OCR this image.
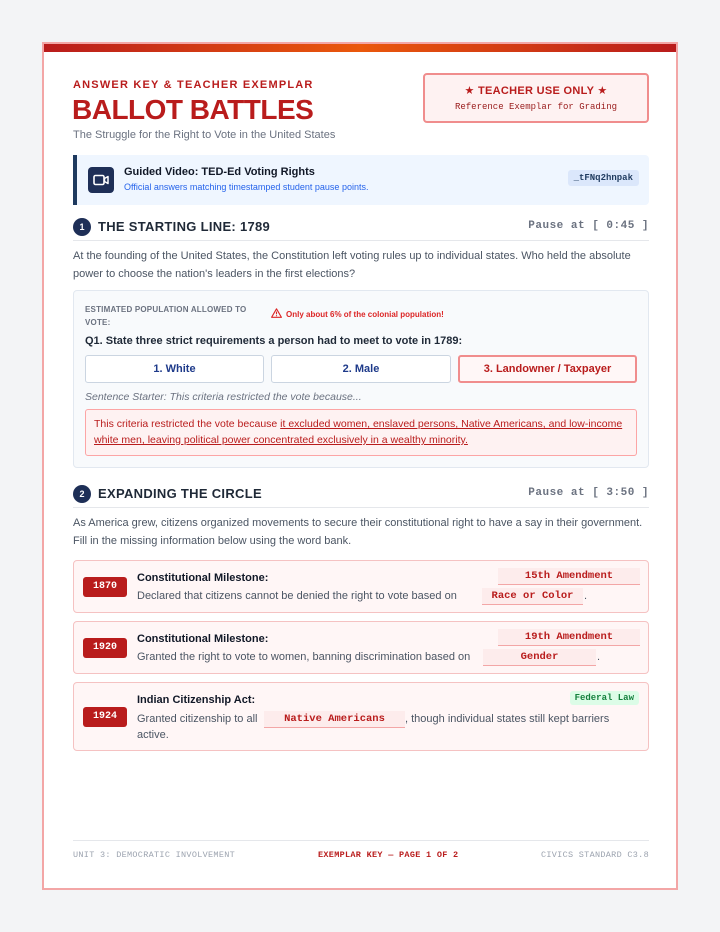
ANSWER KEY & TEACHER EXEMPLAR
BALLOT BATTLES
The Struggle for the Right to Vote in the United States
★ TEACHER USE ONLY ★
Reference Exemplar for Grading
Guided Video: TED-Ed Voting Rights
Official answers matching timestamped student pause points.
_tFNq2hnpak
1	THE STARTING LINE: 1789	Pause at [ 0:45 ]
At the founding of the United States, the Constitution left voting rules up to individual states. Who held the absolute power to choose the nation's leaders in the first elections?
ESTIMATED POPULATION ALLOWED TO VOTE:
Only about 6% of the colonial population!
Q1. State three strict requirements a person had to meet to vote in 1789:
1. White	2. Male	3. Landowner / Taxpayer
Sentence Starter: This criteria restricted the vote because...
This criteria restricted the vote because it excluded women, enslaved persons, Native Americans, and low-income white men, leaving political power concentrated exclusively in a wealthy minority.
2	EXPANDING THE CIRCLE	Pause at [ 3:50 ]
As America grew, citizens organized movements to secure their constitutional right to have a say in their government. Fill in the missing information below using the word bank.
1870
Constitutional Milestone:	15th Amendment
Declared that citizens cannot be denied the right to vote based on	Race or Color .
1920
Constitutional Milestone:	19th Amendment
Granted the right to vote to women, banning discrimination based on	Gender	.
1924
Indian Citizenship Act:	Federal Law
Granted citizenship to all	Native Americans	, though individual states still kept barriers
active.
UNIT 3: DEMOCRATIC INVOLVEMENT	EXEMPLAR KEY — PAGE 1 OF 2	CIVICS STANDARD C3.8
